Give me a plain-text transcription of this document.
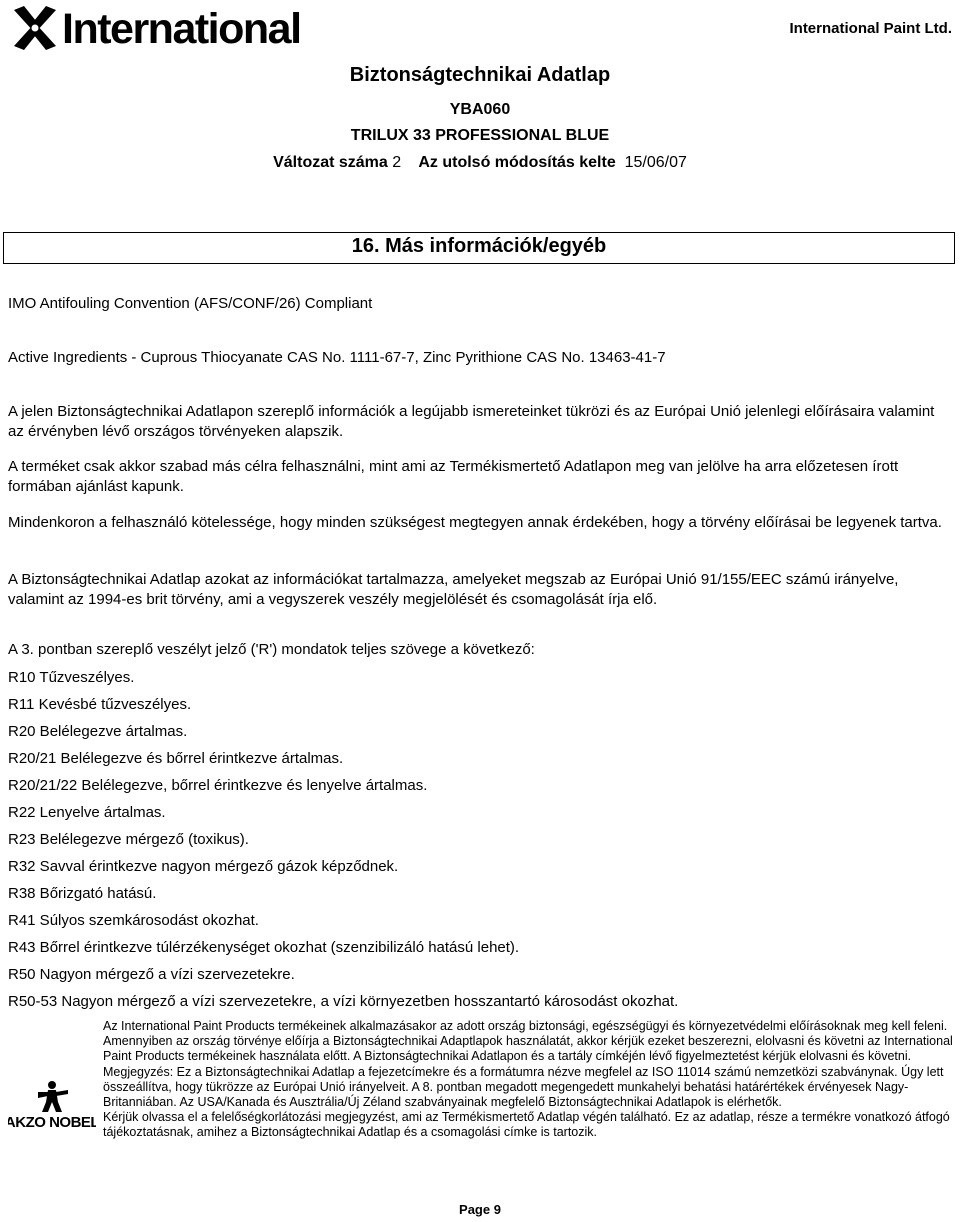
International	International Paint Ltd.
Biztonságtechnikai Adatlap
YBA060
TRILUX 33 PROFESSIONAL BLUE
Változat száma 2 Az utolsó módosítás kelte 15/06/07
16. Más információk/egyéb
IMO Antifouling Convention (AFS/CONF/26) Compliant
Active Ingredients - Cuprous Thiocyanate CAS No. 1111-67-7, Zinc Pyrithione CAS No. 13463-41-7
A jelen Biztonságtechnikai Adatlapon szereplő információk a legújabb ismereteinket tükrözi és az Európai Unió jelenlegi előírásaira valamint az érvényben lévő országos törvényeken alapszik.
A terméket csak akkor szabad más célra felhasználni, mint ami az Termékismertető Adatlapon meg van jelölve ha arra előzetesen írott formában ajánlást kapunk.
Mindenkoron a felhasználó kötelessége, hogy minden szükségest megtegyen annak érdekében, hogy a törvény előírásai be legyenek tartva.
A Biztonságtechnikai Adatlap azokat az információkat tartalmazza, amelyeket megszab az Európai Unió 91/155/EEC számú irányelve, valamint az 1994-es brit törvény, ami a vegyszerek veszély megjelölését és csomagolását írja elő.
A 3. pontban szereplő veszélyt jelző ('R') mondatok teljes szövege a következő:
R10 Tűzveszélyes.
R11 Kevésbé tűzveszélyes.
R20 Belélegezve ártalmas.
R20/21 Belélegezve és bőrrel érintkezve ártalmas.
R20/21/22 Belélegezve, bőrrel érintkezve és lenyelve ártalmas.
R22 Lenyelve ártalmas.
R23 Belélegezve mérgező (toxikus).
R32 Savval érintkezve nagyon mérgező gázok képződnek.
R38 Bőrizgató hatású.
R41 Súlyos szemkárosodást okozhat.
R43 Bőrrel érintkezve túlérzékenységet okozhat (szenzibilizáló hatású lehet).
R50 Nagyon mérgező a vízi szervezetekre.
R50-53 Nagyon mérgező a vízi szervezetekre, a vízi környezetben hosszantartó károsodást okozhat.
AKZO NOBEL
Az International Paint Products termékeinek alkalmazásakor az adott ország biztonsági, egészségügyi és környezetvédelmi előírásoknak meg kell feleni.
Amennyiben az ország törvénye előírja a Biztonságtechnikai Adaptlapok használatát, akkor kérjük ezeket beszerezni, elolvasni és követni az International Paint Products termékeinek használata előtt. A Biztonságtechnikai Adatlapon és a tartály címkéjén lévő figyelmeztetést kérjük elolvasni és követni.
Megjegyzés: Ez a Biztonságtechnikai Adatlap a fejezetcímekre és a formátumra nézve megfelel az ISO 11014 számú nemzetközi szabványnak. Úgy lett összeállítva, hogy tükrözze az Európai Unió irányelveit. A 8. pontban megadott megengedett munkahelyi behatási határértékek érvényesek Nagy-Britanniában. Az USA/Kanada és Ausztrália/Új Zéland szabványainak megfelelő Biztonságtechnikai Adatlapok is elérhetők.
Kérjük olvassa el a felelőségkorlátozási megjegyzést, ami az Termékismertető Adatlap végén található. Ez az adatlap, része a termékre vonatkozó átfogó tájékoztatásnak, amihez a Biztonságtechnikai Adatlap és a csomagolási címke is tartozik.
Page 9
